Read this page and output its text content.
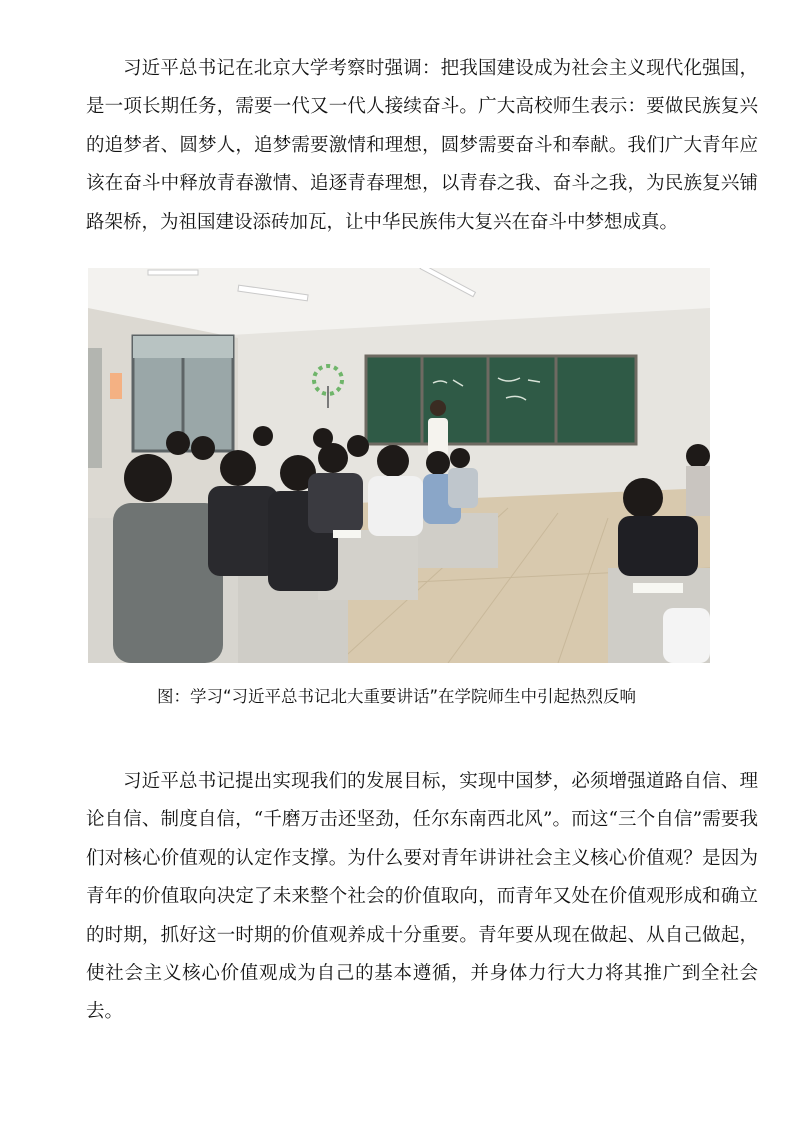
习近平总书记在北京大学考察时强调：把我国建设成为社会主义现代化强国，是一项长期任务，需要一代又一代人接续奋斗。广大高校师生表示：要做民族复兴的追梦者、圆梦人，追梦需要激情和理想，圆梦需要奋斗和奉献。我们广大青年应该在奋斗中释放青春激情、追逐青春理想，以青春之我、奋斗之我，为民族复兴铺路架桥，为祖国建设添砖加瓦，让中华民族伟大复兴在奋斗中梦想成真。

图：学习“习近平总书记北大重要讲话”在学院师生中引起热烈反响

习近平总书记提出实现我们的发展目标，实现中国梦，必须增强道路自信、理论自信、制度自信，“千磨万击还坚劲，任尔东南西北风”。而这“三个自信”需要我们对核心价值观的认定作支撑。为什么要对青年讲讲社会主义核心价值观？是因为青年的价值取向决定了未来整个社会的价值取向，而青年又处在价值观形成和确立的时期，抓好这一时期的价值观养成十分重要。青年要从现在做起、从自己做起，使社会主义核心价值观成为自己的基本遵循，并身体力行大力将其推广到全社会去。
